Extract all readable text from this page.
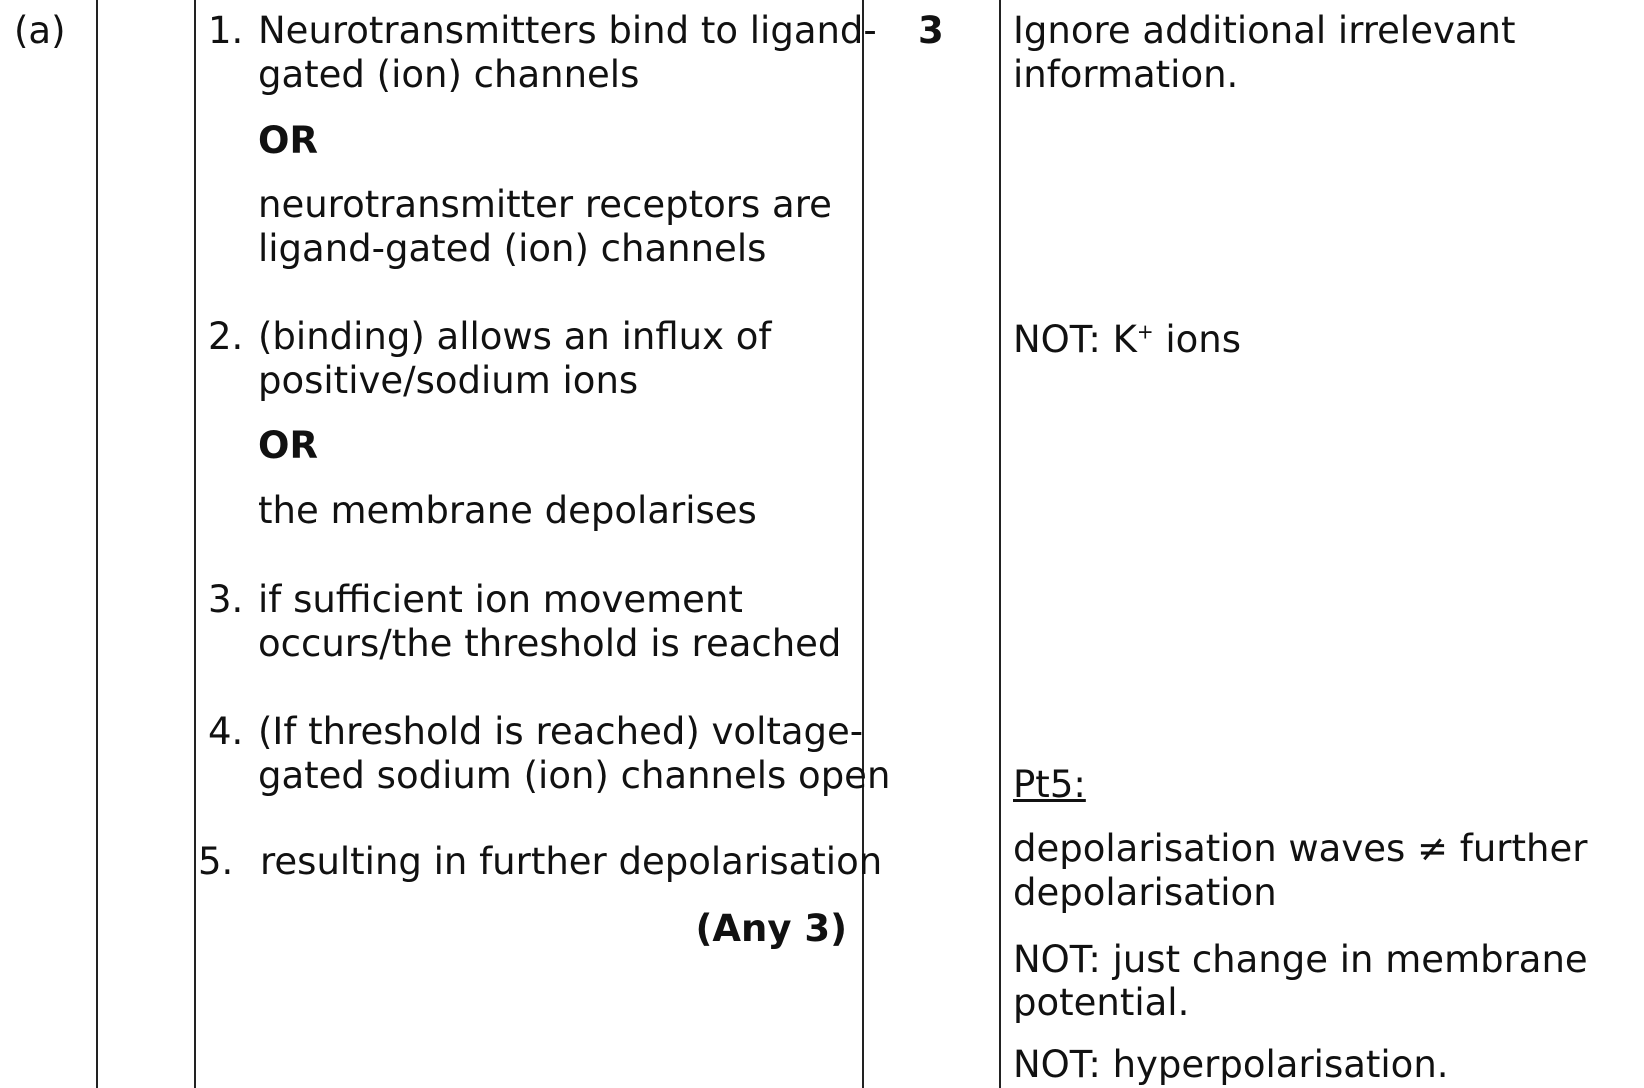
(a)	1. Neurotransmitters bind to ligand-
gated (ion) channels
OR
neurotransmitter receptors are
ligand-gated (ion) channels
2. (binding) allows an influx of
positive/sodium ions
OR
the membrane depolarises
3. if sufficient ion movement
occurs/the threshold is reached
4. (If threshold is reached) voltage-
gated sodium (ion) channels open
5. resulting in further depolarisation
(Any 3)
3 Ignore additional irrelevant
information.
NOT: K+ ions
Pt5:
depolarisation waves ≠ further
depolarisation
NOT: just change in membrane
potential.
NOT: hyperpolarisation.
